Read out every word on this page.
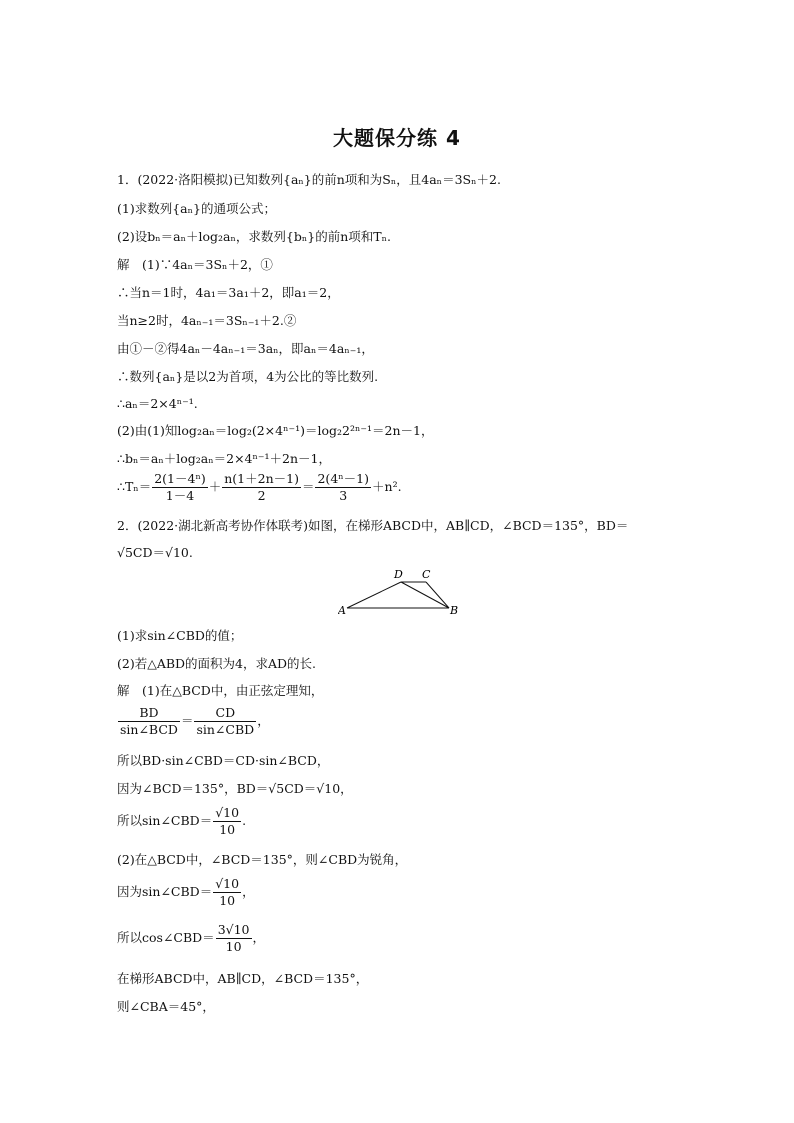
大题保分练 4
1．(2022·洛阳模拟)已知数列{aₙ}的前n项和为Sₙ，且4aₙ＝3Sₙ＋2.
(1)求数列{aₙ}的通项公式；
(2)设bₙ＝aₙ＋log₂aₙ，求数列{bₙ}的前n项和Tₙ.
解　(1)∵4aₙ＝3Sₙ＋2，①
∴当n＝1时，4a₁＝3a₁＋2，即a₁＝2，
当n≥2时，4aₙ₋₁＝3Sₙ₋₁＋2.②
由①－②得4aₙ－4aₙ₋₁＝3aₙ，即aₙ＝4aₙ₋₁，
∴数列{aₙ}是以2为首项，4为公比的等比数列.
∴aₙ＝2×4ⁿ⁻¹.
(2)由(1)知log₂aₙ＝log₂(2×4ⁿ⁻¹)＝log₂2²ⁿ⁻¹＝2n－1，
∴bₙ＝aₙ＋log₂aₙ＝2×4ⁿ⁻¹＋2n－1，
∴Tₙ＝ $\frac{\text{2(1－4ⁿ)}}{1-4} + \frac{n(1+2n-1)}{2} = \frac{\text{2(4ⁿ－1)}}{3} +n^2$.
2．(2022·湖北新高考协作体联考)如图，在梯形ABCD中，AB∥CD，∠BCD＝135°，BD＝
√5CD＝√10.
A	B
C
D
(1)求sin∠CBD的值；
(2)若△ABD的面积为4，求AD的长.
解　(1)在△BCD中，由正弦定理知，
$\frac{BD}{\text{sin∠BCD}} = \frac{CD}{\text{sin∠CBD}}$ ，
所以BD·sin∠CBD＝CD·sin∠BCD，
因为∠BCD＝135°，BD＝√5CD＝√10，
所以sin∠CBD＝ $\frac{√10}{10}$ .
(2)在△BCD中，∠BCD＝135°，则∠CBD为锐角，
因为sin∠CBD＝ $\frac{√10}{10}$ ，
所以cos∠CBD＝ $\frac{3√10}{10}$ ，
在梯形ABCD中，AB∥CD，∠BCD＝135°，
则∠CBA＝45°，
